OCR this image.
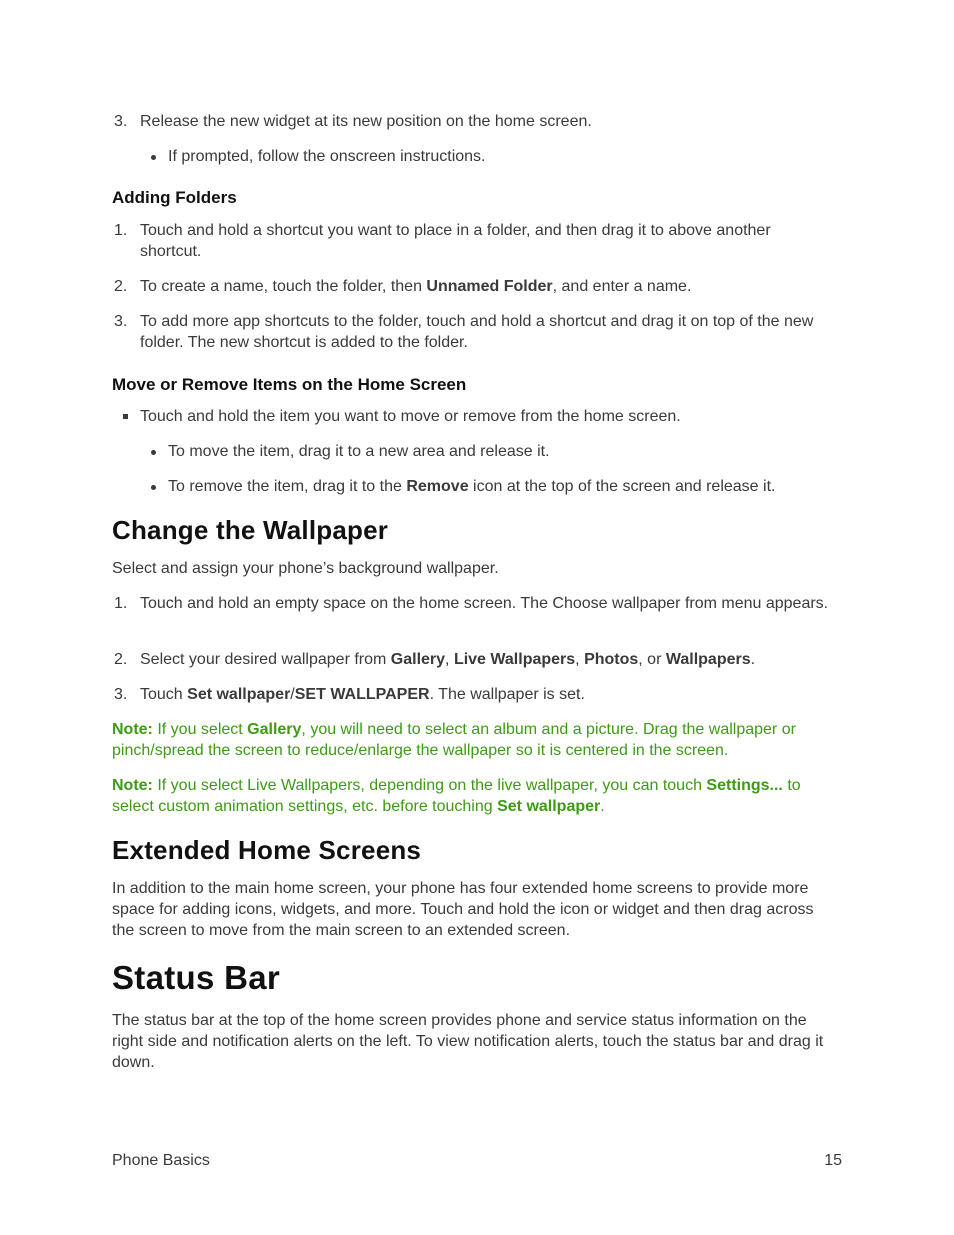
3. Release the new widget at its new position on the home screen.
If prompted, follow the onscreen instructions.
Adding Folders
1. Touch and hold a shortcut you want to place in a folder, and then drag it to above another shortcut.
2. To create a name, touch the folder, then Unnamed Folder, and enter a name.
3. To add more app shortcuts to the folder, touch and hold a shortcut and drag it on top of the new folder. The new shortcut is added to the folder.
Move or Remove Items on the Home Screen
Touch and hold the item you want to move or remove from the home screen.
To move the item, drag it to a new area and release it.
To remove the item, drag it to the Remove icon at the top of the screen and release it.
Change the Wallpaper
Select and assign your phone’s background wallpaper.
1. Touch and hold an empty space on the home screen. The Choose wallpaper from menu appears.
2. Select your desired wallpaper from Gallery, Live Wallpapers, Photos, or Wallpapers.
3. Touch Set wallpaper/SET WALLPAPER. The wallpaper is set.
Note: If you select Gallery, you will need to select an album and a picture. Drag the wallpaper or pinch/spread the screen to reduce/enlarge the wallpaper so it is centered in the screen.
Note: If you select Live Wallpapers, depending on the live wallpaper, you can touch Settings... to select custom animation settings, etc. before touching Set wallpaper.
Extended Home Screens
In addition to the main home screen, your phone has four extended home screens to provide more space for adding icons, widgets, and more. Touch and hold the icon or widget and then drag across the screen to move from the main screen to an extended screen.
Status Bar
The status bar at the top of the home screen provides phone and service status information on the right side and notification alerts on the left. To view notification alerts, touch the status bar and drag it down.
Phone Basics	15
